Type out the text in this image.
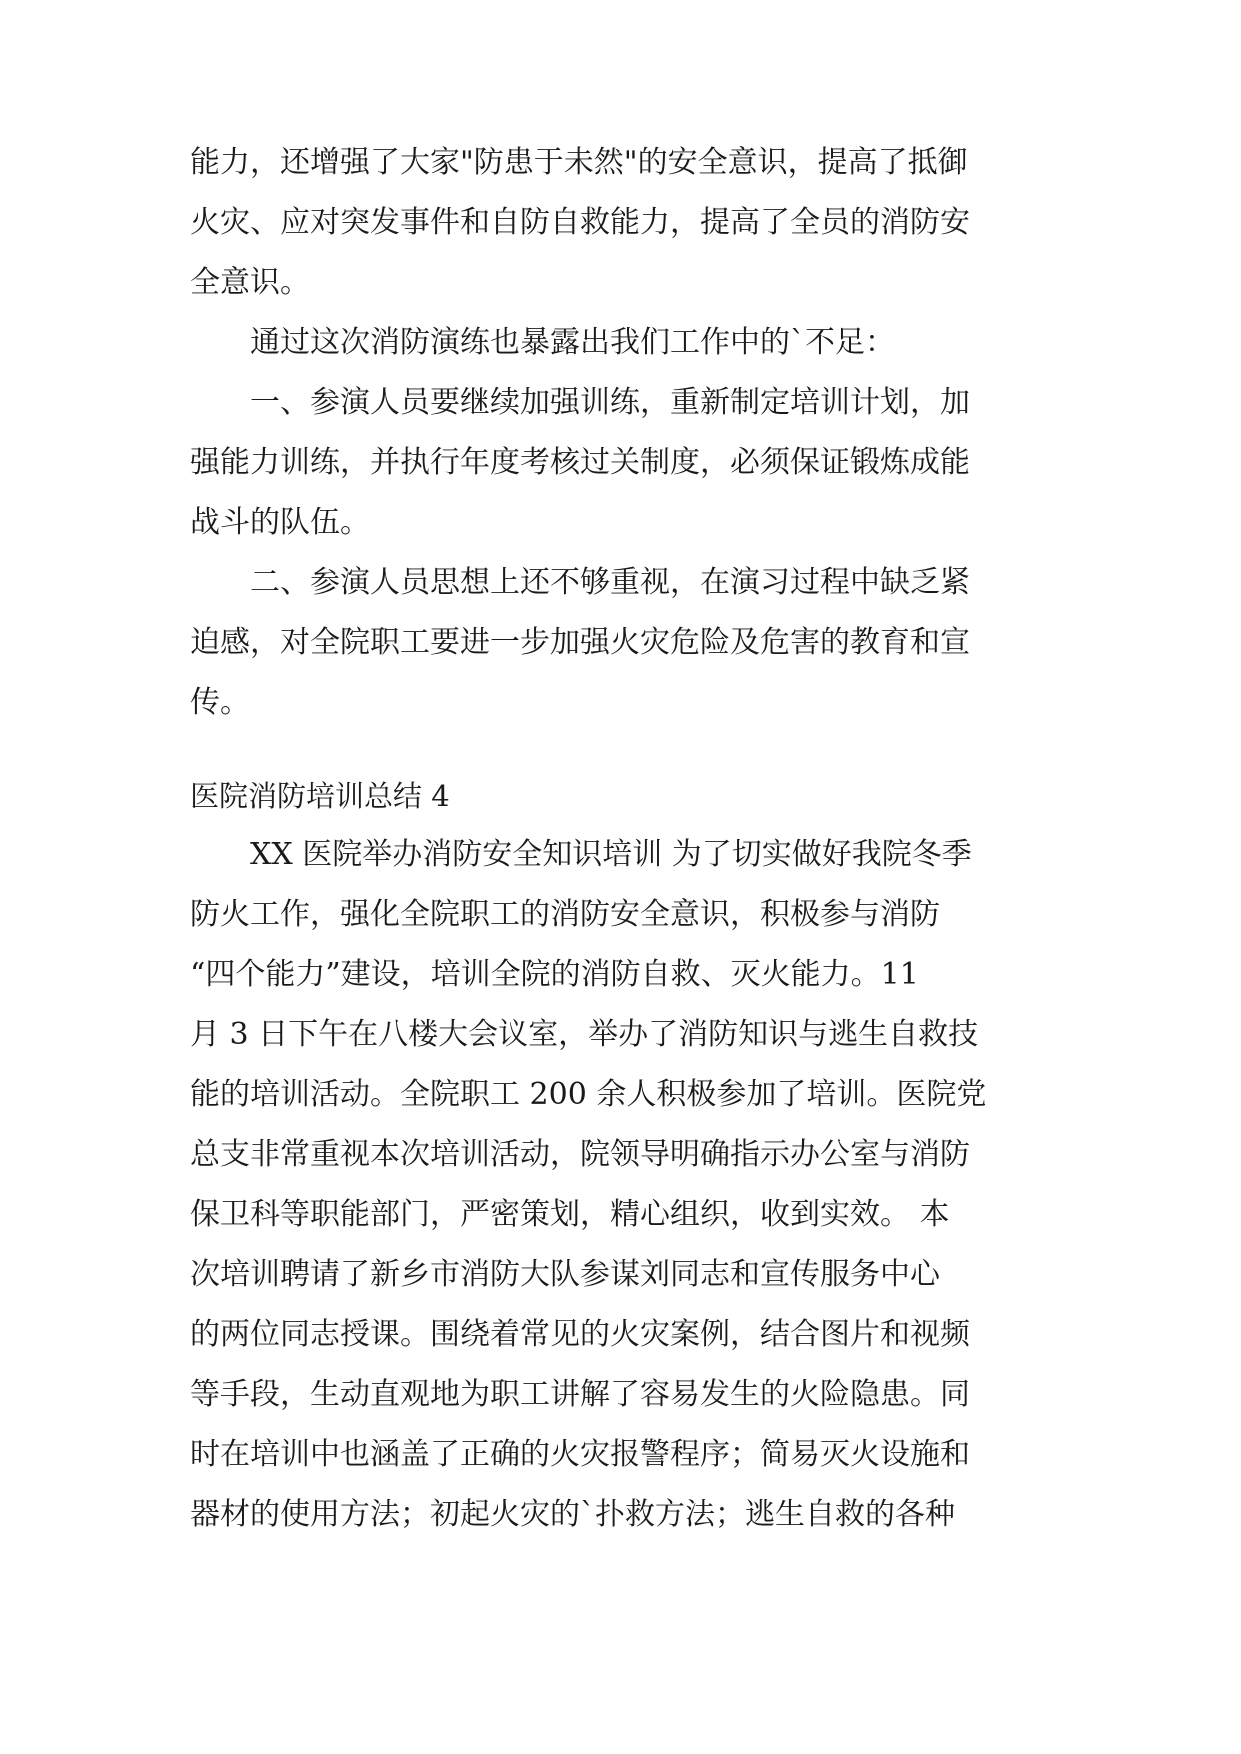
能力，还增强了大家"防患于未然"的安全意识，提高了抵御
火灾、应对突发事件和自防自救能力，提高了全员的消防安
全意识。
　　通过这次消防演练也暴露出我们工作中的`不足：
　　一、参演人员要继续加强训练，重新制定培训计划，加
强能力训练，并执行年度考核过关制度，必须保证锻炼成能
战斗的队伍。
　　二、参演人员思想上还不够重视，在演习过程中缺乏紧
迫感，对全院职工要进一步加强火灾危险及危害的教育和宣
传。
医院消防培训总结 4
　　XX 医院举办消防安全知识培训 为了切实做好我院冬季
防火工作，强化全院职工的消防安全意识，积极参与消防
“四个能力”建设，培训全院的消防自救、灭火能力。11
月 3 日下午在八楼大会议室，举办了消防知识与逃生自救技
能的培训活动。全院职工 200 余人积极参加了培训。医院党
总支非常重视本次培训活动，院领导明确指示办公室与消防
保卫科等职能部门，严密策划，精心组织，收到实效。 本
次培训聘请了新乡市消防大队参谋刘同志和宣传服务中心
的两位同志授课。围绕着常见的火灾案例，结合图片和视频
等手段，生动直观地为职工讲解了容易发生的火险隐患。同
时在培训中也涵盖了正确的火灾报警程序；简易灭火设施和
器材的使用方法；初起火灾的`扑救方法；逃生自救的各种
